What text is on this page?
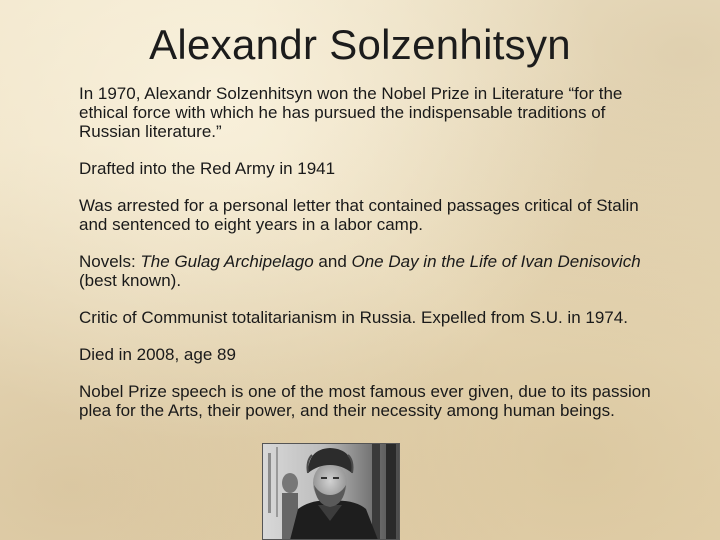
Alexandr Solzenhitsyn
In 1970, Alexandr Solzenhitsyn won the Nobel Prize in Literature “for the ethical force with which he has pursued the indispensable traditions of Russian literature.”
Drafted into the Red Army in 1941
Was arrested for a personal letter that contained passages critical of Stalin and sentenced to eight years in a labor camp.
Novels: The Gulag Archipelago and One Day in the Life of Ivan Denisovich (best known).
Critic of Communist totalitarianism in Russia. Expelled from S.U. in 1974.
Died in 2008, age 89
Nobel Prize speech is one of the most famous ever given, due to its passion plea for the Arts, their power, and their necessity among human beings.
